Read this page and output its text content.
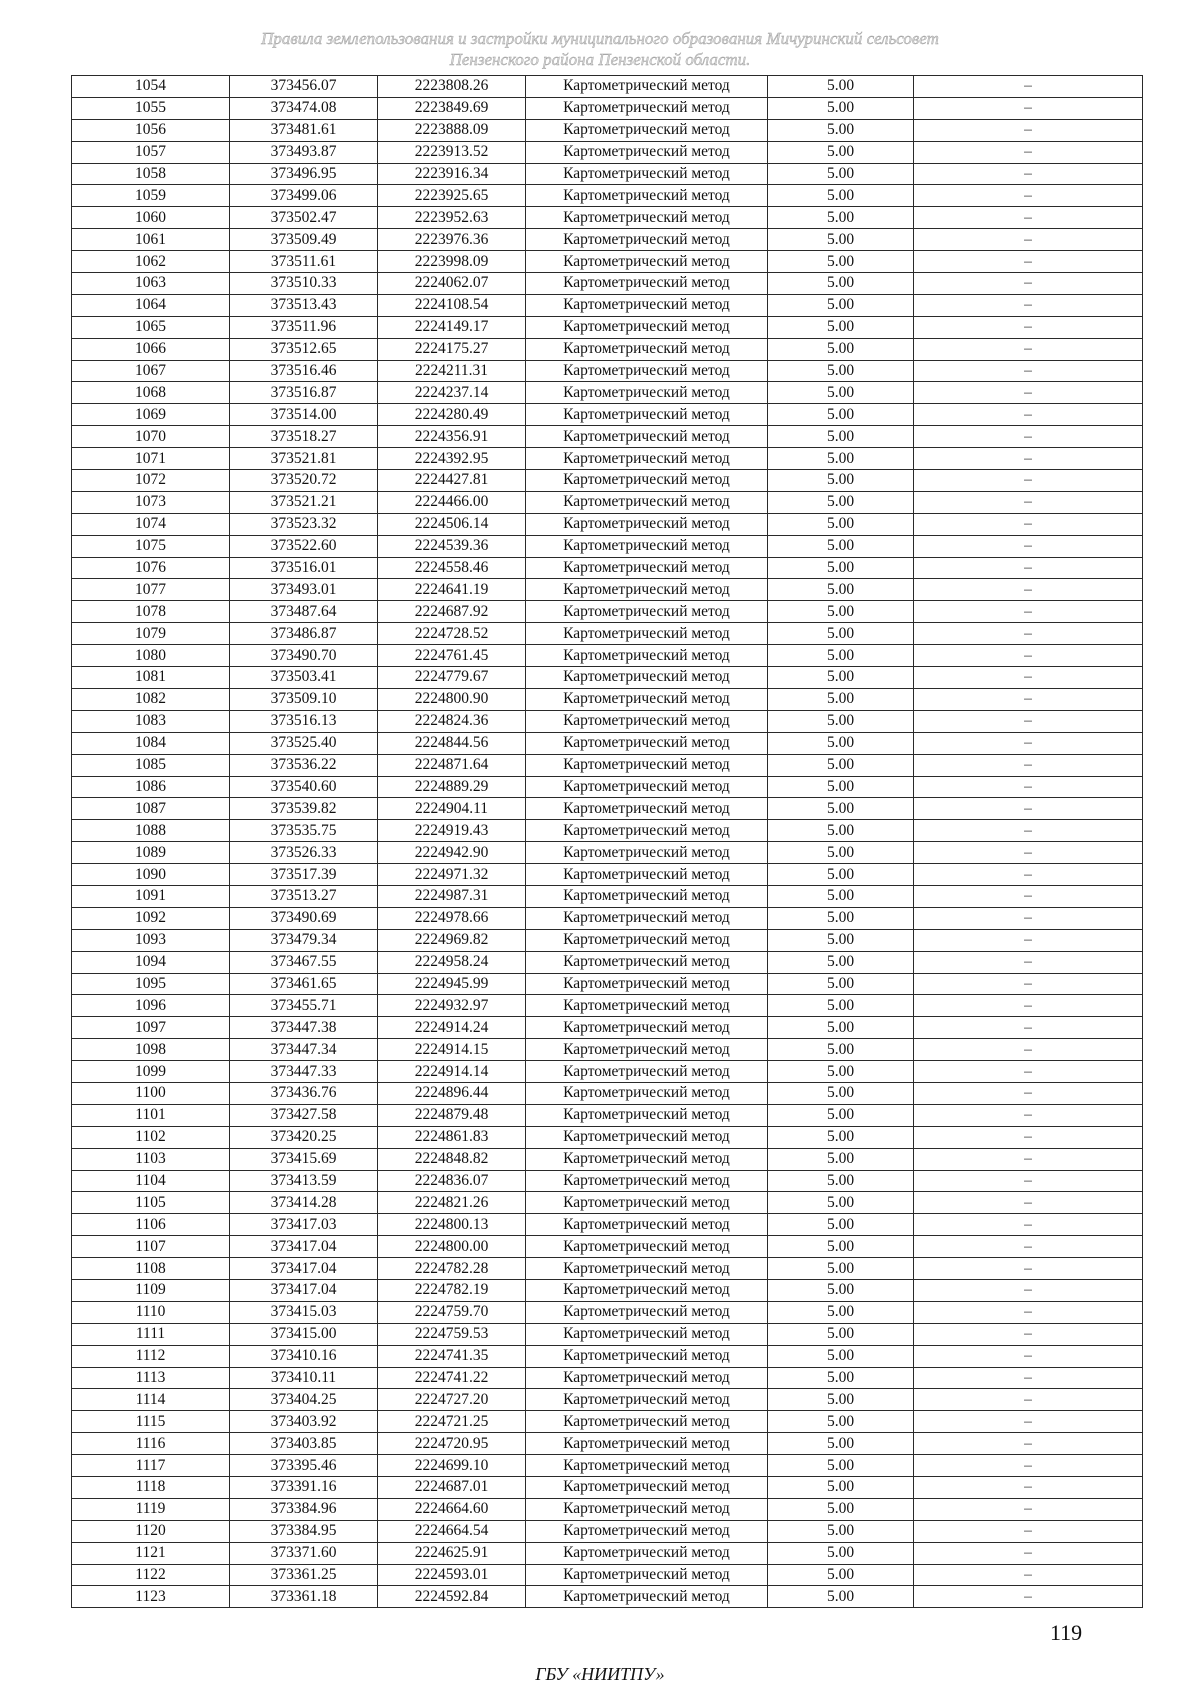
Правила землепользования и застройки муниципального образования Мичуринский сельсовет
Пензенского района Пензенской области.
1054	373456.07	2223808.26	Картометрический метод	5.00	–
1055	373474.08	2223849.69	Картометрический метод	5.00	–
1056	373481.61	2223888.09	Картометрический метод	5.00	–
1057	373493.87	2223913.52	Картометрический метод	5.00	–
1058	373496.95	2223916.34	Картометрический метод	5.00	–
1059	373499.06	2223925.65	Картометрический метод	5.00	–
1060	373502.47	2223952.63	Картометрический метод	5.00	–
1061	373509.49	2223976.36	Картометрический метод	5.00	–
1062	373511.61	2223998.09	Картометрический метод	5.00	–
1063	373510.33	2224062.07	Картометрический метод	5.00	–
1064	373513.43	2224108.54	Картометрический метод	5.00	–
1065	373511.96	2224149.17	Картометрический метод	5.00	–
1066	373512.65	2224175.27	Картометрический метод	5.00	–
1067	373516.46	2224211.31	Картометрический метод	5.00	–
1068	373516.87	2224237.14	Картометрический метод	5.00	–
1069	373514.00	2224280.49	Картометрический метод	5.00	–
1070	373518.27	2224356.91	Картометрический метод	5.00	–
1071	373521.81	2224392.95	Картометрический метод	5.00	–
1072	373520.72	2224427.81	Картометрический метод	5.00	–
1073	373521.21	2224466.00	Картометрический метод	5.00	–
1074	373523.32	2224506.14	Картометрический метод	5.00	–
1075	373522.60	2224539.36	Картометрический метод	5.00	–
1076	373516.01	2224558.46	Картометрический метод	5.00	–
1077	373493.01	2224641.19	Картометрический метод	5.00	–
1078	373487.64	2224687.92	Картометрический метод	5.00	–
1079	373486.87	2224728.52	Картометрический метод	5.00	–
1080	373490.70	2224761.45	Картометрический метод	5.00	–
1081	373503.41	2224779.67	Картометрический метод	5.00	–
1082	373509.10	2224800.90	Картометрический метод	5.00	–
1083	373516.13	2224824.36	Картометрический метод	5.00	–
1084	373525.40	2224844.56	Картометрический метод	5.00	–
1085	373536.22	2224871.64	Картометрический метод	5.00	–
1086	373540.60	2224889.29	Картометрический метод	5.00	–
1087	373539.82	2224904.11	Картометрический метод	5.00	–
1088	373535.75	2224919.43	Картометрический метод	5.00	–
1089	373526.33	2224942.90	Картометрический метод	5.00	–
1090	373517.39	2224971.32	Картометрический метод	5.00	–
1091	373513.27	2224987.31	Картометрический метод	5.00	–
1092	373490.69	2224978.66	Картометрический метод	5.00	–
1093	373479.34	2224969.82	Картометрический метод	5.00	–
1094	373467.55	2224958.24	Картометрический метод	5.00	–
1095	373461.65	2224945.99	Картометрический метод	5.00	–
1096	373455.71	2224932.97	Картометрический метод	5.00	–
1097	373447.38	2224914.24	Картометрический метод	5.00	–
1098	373447.34	2224914.15	Картометрический метод	5.00	–
1099	373447.33	2224914.14	Картометрический метод	5.00	–
1100	373436.76	2224896.44	Картометрический метод	5.00	–
1101	373427.58	2224879.48	Картометрический метод	5.00	–
1102	373420.25	2224861.83	Картометрический метод	5.00	–
1103	373415.69	2224848.82	Картометрический метод	5.00	–
1104	373413.59	2224836.07	Картометрический метод	5.00	–
1105	373414.28	2224821.26	Картометрический метод	5.00	–
1106	373417.03	2224800.13	Картометрический метод	5.00	–
1107	373417.04	2224800.00	Картометрический метод	5.00	–
1108	373417.04	2224782.28	Картометрический метод	5.00	–
1109	373417.04	2224782.19	Картометрический метод	5.00	–
1110	373415.03	2224759.70	Картометрический метод	5.00	–
1111	373415.00	2224759.53	Картометрический метод	5.00	–
1112	373410.16	2224741.35	Картометрический метод	5.00	–
1113	373410.11	2224741.22	Картометрический метод	5.00	–
1114	373404.25	2224727.20	Картометрический метод	5.00	–
1115	373403.92	2224721.25	Картометрический метод	5.00	–
1116	373403.85	2224720.95	Картометрический метод	5.00	–
1117	373395.46	2224699.10	Картометрический метод	5.00	–
1118	373391.16	2224687.01	Картометрический метод	5.00	–
1119	373384.96	2224664.60	Картометрический метод	5.00	–
1120	373384.95	2224664.54	Картометрический метод	5.00	–
1121	373371.60	2224625.91	Картометрический метод	5.00	–
1122	373361.25	2224593.01	Картометрический метод	5.00	–
1123	373361.18	2224592.84	Картометрический метод	5.00	–
119
ГБУ «НИИТПУ»
